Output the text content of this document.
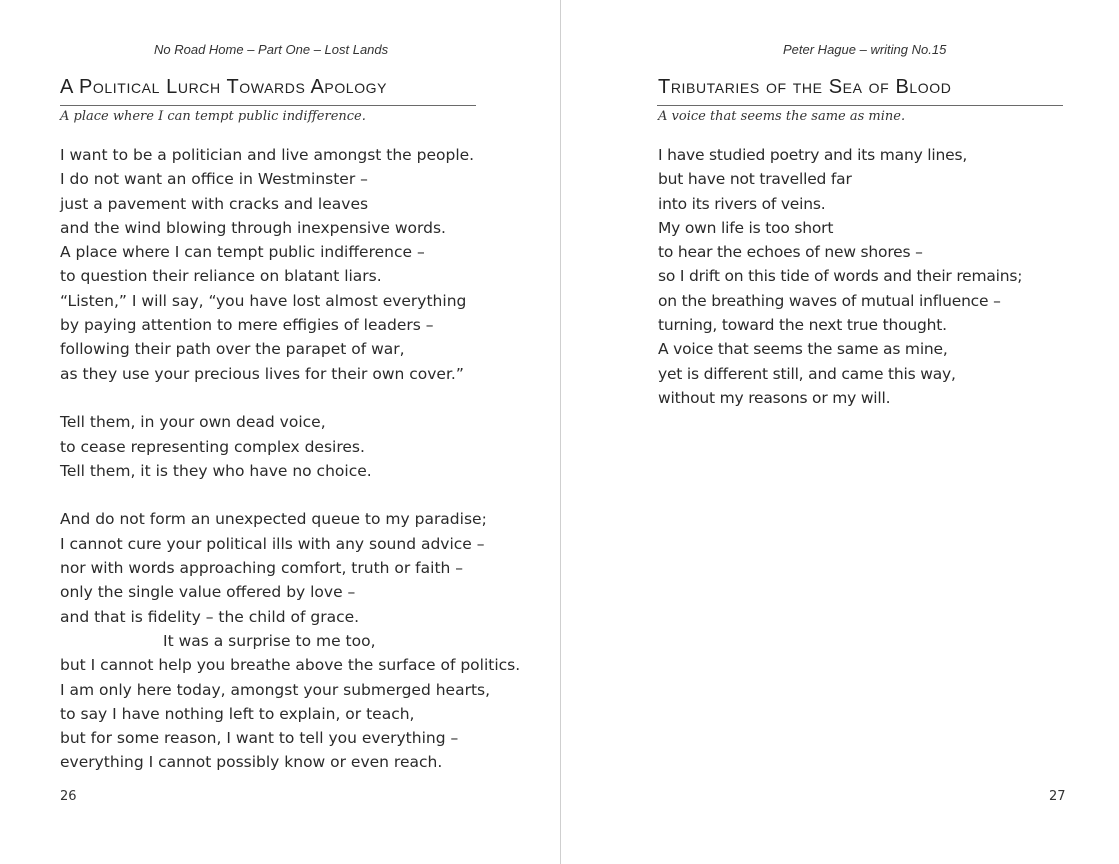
No Road Home – Part One – Lost Lands
A Political Lurch Towards Apology
A place where I can tempt public indifference.
I want to be a politician and live amongst the people.
I do not want an office in Westminster –
just a pavement with cracks and leaves
and the wind blowing through inexpensive words.
A place where I can tempt public indifference –
to question their reliance on blatant liars.
“Listen,” I will say, “you have lost almost everything
by paying attention to mere effigies of leaders –
following their path over the parapet of war,
as they use your precious lives for their own cover.”
Tell them, in your own dead voice,
to cease representing complex desires.
Tell them, it is they who have no choice.
And do not form an unexpected queue to my paradise;
I cannot cure your political ills with any sound advice –
nor with words approaching comfort, truth or faith –
only the single value offered by love –
and that is fidelity – the child of grace.
It was a surprise to me too,
but I cannot help you breathe above the surface of politics.
I am only here today, amongst your submerged hearts,
to say I have nothing left to explain, or teach,
but for some reason, I want to tell you everything –
everything I cannot possibly know or even reach.
26
Peter Hague – writing No.15
Tributaries of the Sea of Blood
A voice that seems the same as mine.
I have studied poetry and its many lines,
but have not travelled far
into its rivers of veins.
My own life is too short
to hear the echoes of new shores –
so I drift on this tide of words and their remains;
on the breathing waves of mutual influence –
turning, toward the next true thought.
A voice that seems the same as mine,
yet is different still, and came this way,
without my reasons or my will.
27
